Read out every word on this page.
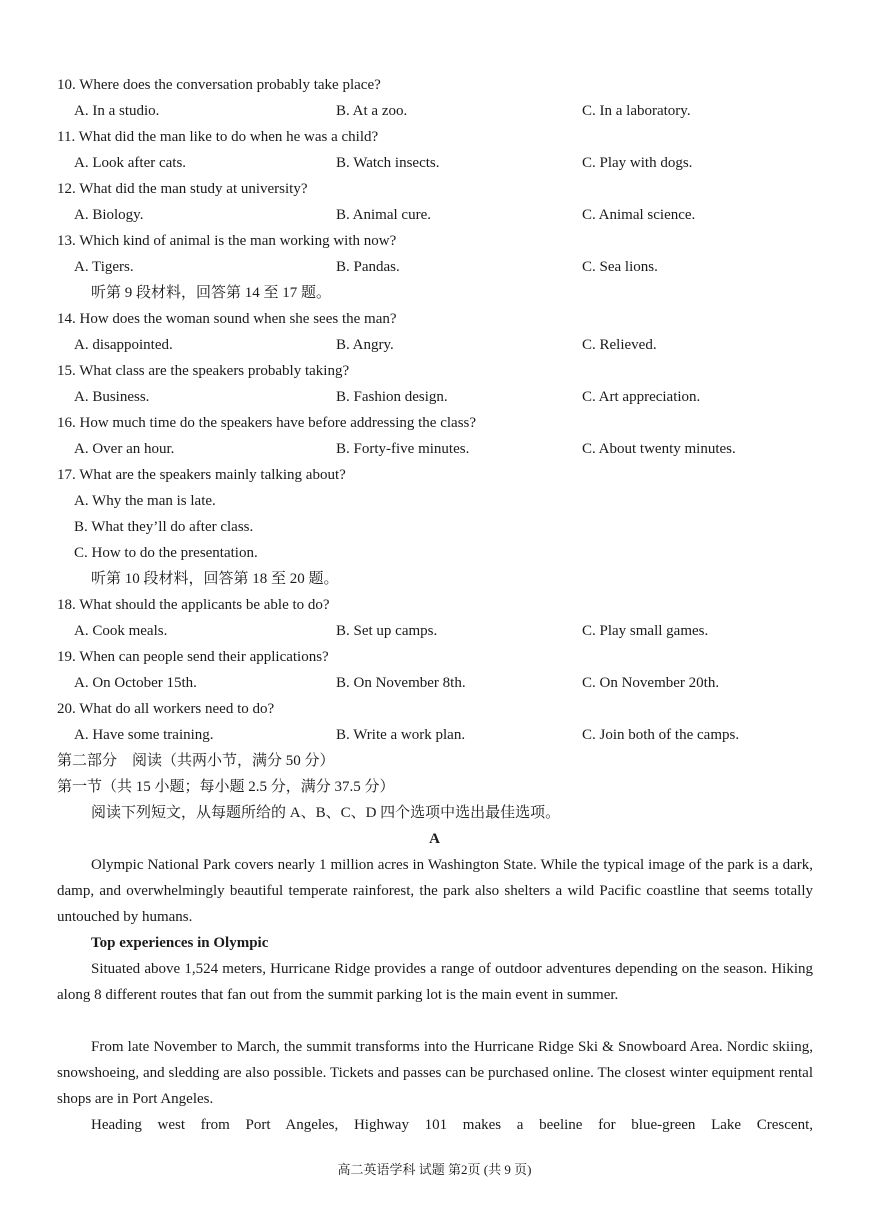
10. Where does the conversation probably take place?
A. In a studio.	B. At a zoo.	C. In a laboratory.
11. What did the man like to do when he was a child?
A. Look after cats.	B. Watch insects.	C. Play with dogs.
12. What did the man study at university?
A. Biology.	B. Animal cure.	C. Animal science.
13. Which kind of animal is the man working with now?
A. Tigers.	B. Pandas.	C. Sea lions.
听第 9 段材料，回答第 14 至 17 题。
14. How does the woman sound when she sees the man?
A. disappointed.	B. Angry.	C. Relieved.
15. What class are the speakers probably taking?
A. Business.	B. Fashion design.	C. Art appreciation.
16. How much time do the speakers have before addressing the class?
A. Over an hour.	B. Forty-five minutes.	C. About twenty minutes.
17. What are the speakers mainly talking about?
A. Why the man is late.
B. What they’ll do after class.
C. How to do the presentation.
听第 10 段材料，回答第 18 至 20 题。
18. What should the applicants be able to do?
A. Cook meals.	B. Set up camps.	C. Play small games.
19. When can people send their applications?
A. On October 15th.	B. On November 8th.	C. On November 20th.
20. What do all workers need to do?
A. Have some training.	B. Write a work plan.	C. Join both of the camps.
第二部分　阅读（共两小节，满分 50 分）
第一节（共 15 小题；每小题 2.5 分，满分 37.5 分）
阅读下列短文，从每题所给的 A、B、C、D 四个选项中选出最佳选项。
A
Olympic National Park covers nearly 1 million acres in Washington State. While the typical image of the park is a dark, damp, and overwhelmingly beautiful temperate rainforest, the park also shelters a wild Pacific coastline that seems totally untouched by humans.
Top experiences in Olympic
Situated above 1,524 meters, Hurricane Ridge provides a range of outdoor adventures depending on the season. Hiking along 8 different routes that fan out from the summit parking lot is the main event in summer.
From late November to March, the summit transforms into the Hurricane Ridge Ski & Snowboard Area. Nordic skiing, snowshoeing, and sledding are also possible. Tickets and passes can be purchased online. The closest winter equipment rental shops are in Port Angeles.
Heading west from Port Angeles, Highway 101 makes a beeline for blue-green Lake Crescent,
高二英语学科 试题 第2页 (共 9 页)
